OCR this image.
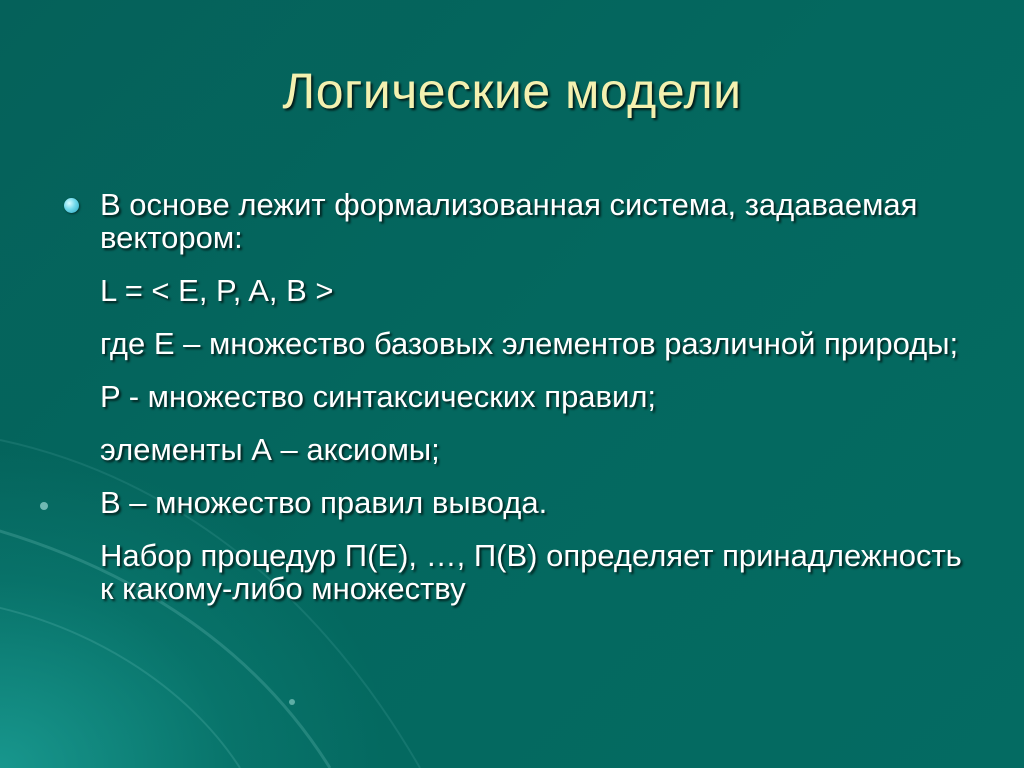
Логические модели
В основе лежит формализованная система, задаваемая вектором:
L = < E, P, A, B >
где E – множество базовых элементов различной природы;
P - множество синтаксических правил;
элементы А – аксиомы;
В – множество правил вывода.
Набор процедур П(Е), …, П(В) определяет принадлежность к какому-либо множеству
